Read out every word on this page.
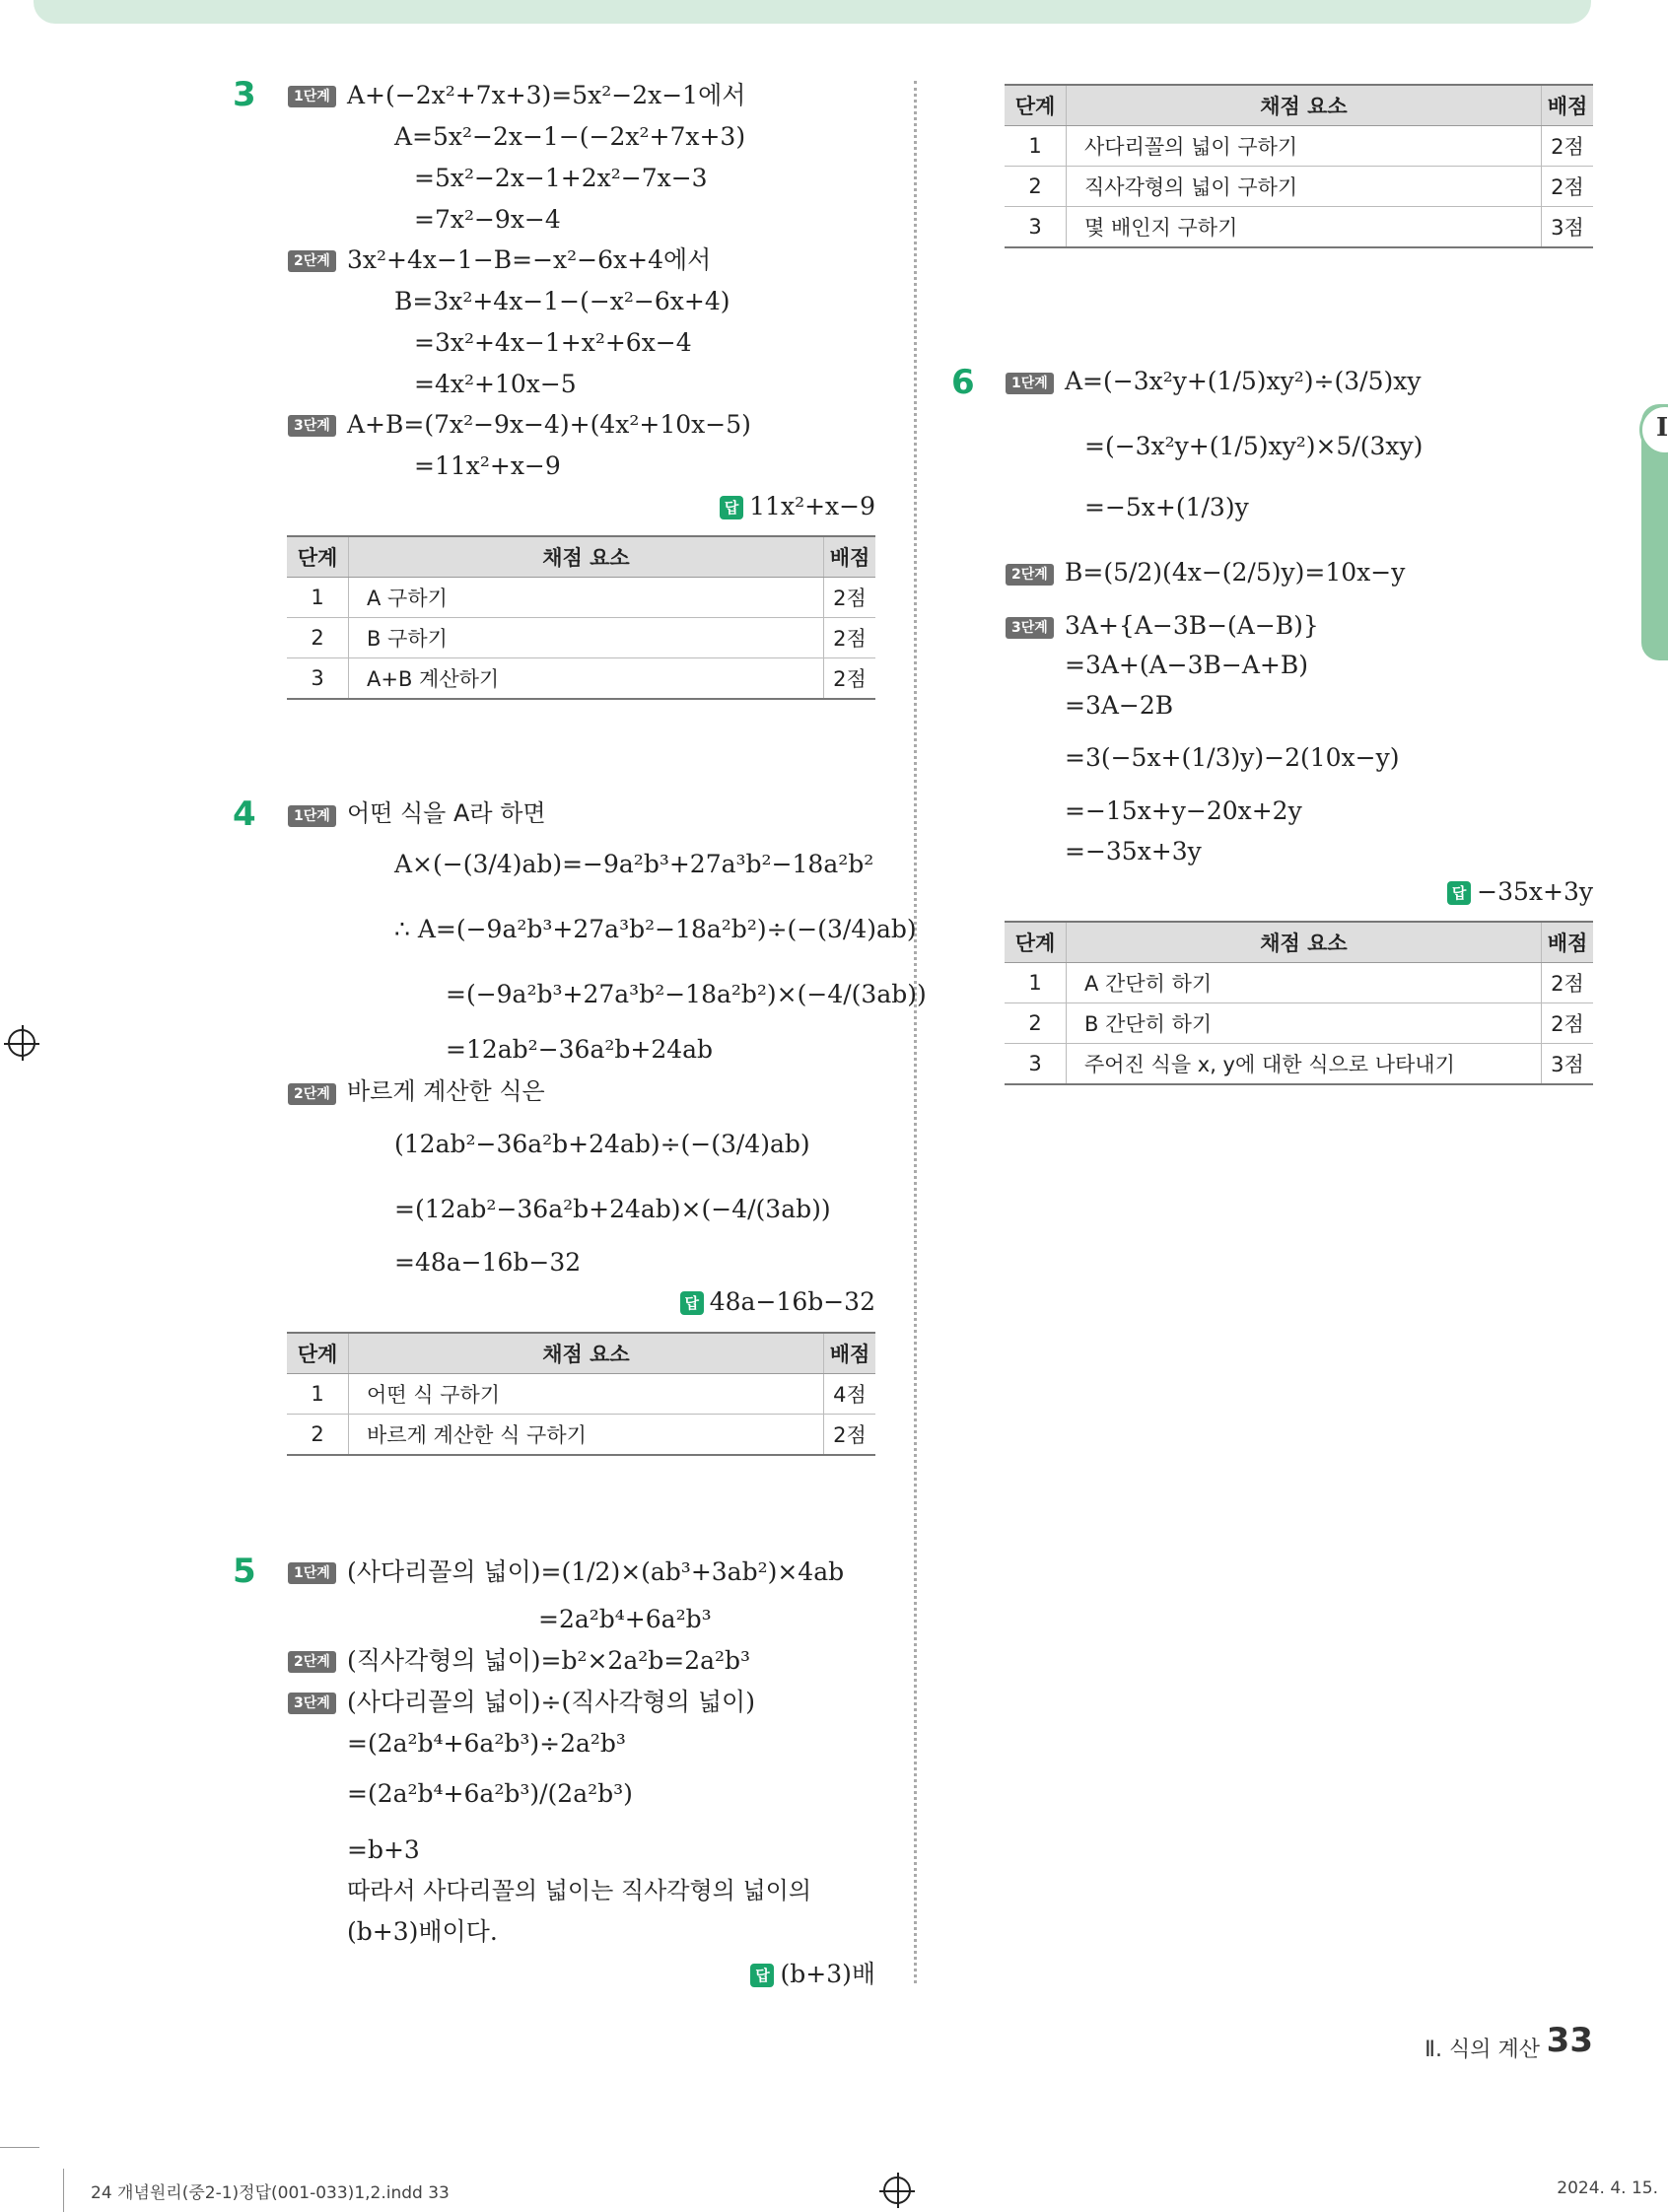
I
3	1단계 A+(−2x²+7x+3)=5x²−2x−1에서
A=5x²−2x−1−(−2x²+7x+3)
=5x²−2x−1+2x²−7x−3
=7x²−9x−4
2단계 3x²+4x−1−B=−x²−6x+4에서
B=3x²+4x−1−(−x²−6x+4)
=3x²+4x−1+x²+6x−4
=4x²+10x−5
3단계 A+B=(7x²−9x−4)+(4x²+10x−5)
=11x²+x−9
답 11x²+x−9
단계	채점 요소	배점
1	A 구하기	2점
2	B 구하기	2점
3	A+B 계산하기	2점
4	1단계 어떤 식을 A라 하면
A×(−(3/4)ab)=−9a²b³+27a³b²−18a²b²
∴ A=(−9a²b³+27a³b²−18a²b²)÷(−(3/4)ab)
=(−9a²b³+27a³b²−18a²b²)×(−4/(3ab))
=12ab²−36a²b+24ab
2단계 바르게 계산한 식은
(12ab²−36a²b+24ab)÷(−(3/4)ab)
=(12ab²−36a²b+24ab)×(−4/(3ab))
=48a−16b−32
답 48a−16b−32
단계	채점 요소	배점
1	어떤 식 구하기	4점
2	바르게 계산한 식 구하기	2점
5	1단계 (사다리꼴의 넓이)=(1/2)×(ab³+3ab²)×4ab
=2a²b⁴+6a²b³
2단계 (직사각형의 넓이)=b²×2a²b=2a²b³
3단계 (사다리꼴의 넓이)÷(직사각형의 넓이)
=(2a²b⁴+6a²b³)÷2a²b³
=(2a²b⁴+6a²b³)/(2a²b³)
=b+3
따라서 사다리꼴의 넓이는 직사각형의 넓이의
(b+3)배이다.
답 (b+3)배
단계	채점 요소	배점
1	사다리꼴의 넓이 구하기	2점
2	직사각형의 넓이 구하기	2점
3	몇 배인지 구하기	3점
6	1단계 A=(−3x²y+(1/5)xy²)÷(3/5)xy
=(−3x²y+(1/5)xy²)×5/(3xy)
=−5x+(1/3)y
2단계 B=(5/2)(4x−(2/5)y)=10x−y
3단계 3A+{A−3B−(A−B)}
=3A+(A−3B−A+B)
=3A−2B
=3(−5x+(1/3)y)−2(10x−y)
=−15x+y−20x+2y
=−35x+3y
답 −35x+3y
단계	채점 요소	배점
1	A 간단히 하기	2점
2	B 간단히 하기	2점
3	주어진 식을 x, y에 대한 식으로 나타내기	3점
Ⅱ. 식의 계산 33
24 개념원리(중2-1)정답(001-033)1,2.indd 33	2024. 4. 15.
